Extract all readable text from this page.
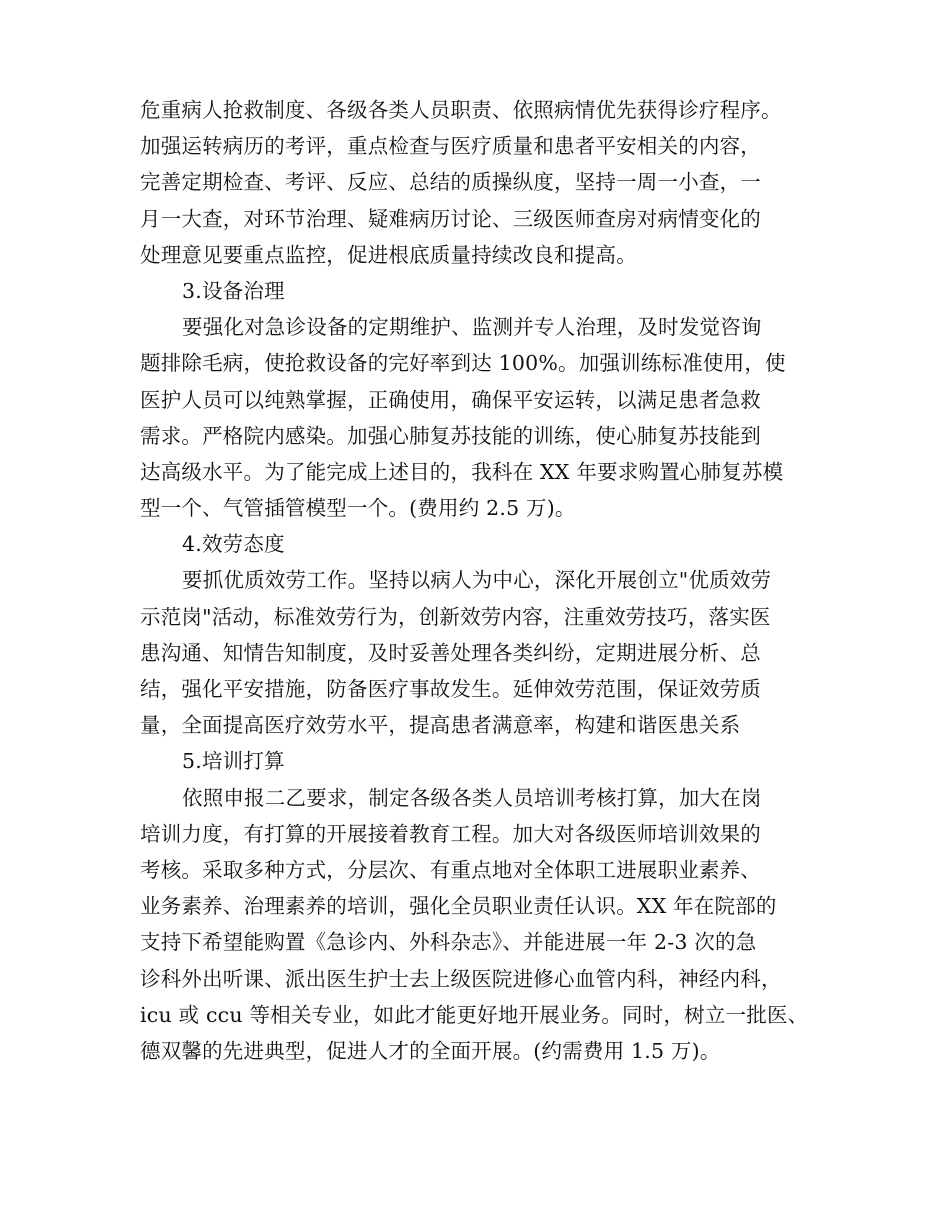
危重病人抢救制度、各级各类人员职责、依照病情优先获得诊疗程序。
加强运转病历的考评，重点检查与医疗质量和患者平安相关的内容，
完善定期检查、考评、反应、总结的质操纵度，坚持一周一小查，一
月一大查，对环节治理、疑难病历讨论、三级医师查房对病情变化的
处理意见要重点监控，促进根底质量持续改良和提高。
3.设备治理
要强化对急诊设备的定期维护、监测并专人治理，及时发觉咨询
题排除毛病，使抢救设备的完好率到达 100%。加强训练标准使用，使
医护人员可以纯熟掌握，正确使用，确保平安运转，以满足患者急救
需求。严格院内感染。加强心肺复苏技能的训练，使心肺复苏技能到
达高级水平。为了能完成上述目的，我科在 XX 年要求购置心肺复苏模
型一个、气管插管模型一个。(费用约 2.5 万)。
4.效劳态度
要抓优质效劳工作。坚持以病人为中心，深化开展创立"优质效劳
示范岗"活动，标准效劳行为，创新效劳内容，注重效劳技巧，落实医
患沟通、知情告知制度，及时妥善处理各类纠纷，定期进展分析、总
结，强化平安措施，防备医疗事故发生。延伸效劳范围，保证效劳质
量，全面提高医疗效劳水平，提高患者满意率，构建和谐医患关系
5.培训打算
依照申报二乙要求，制定各级各类人员培训考核打算，加大在岗
培训力度，有打算的开展接着教育工程。加大对各级医师培训效果的
考核。采取多种方式，分层次、有重点地对全体职工进展职业素养、
业务素养、治理素养的培训，强化全员职业责任认识。XX 年在院部的
支持下希望能购置《急诊内、外科杂志》、并能进展一年 2-3 次的急
诊科外出听课、派出医生护士去上级医院进修心血管内科，神经内科，
icu 或 ccu 等相关专业，如此才能更好地开展业务。同时，树立一批医、
德双馨的先进典型，促进人才的全面开展。(约需费用 1.5 万)。
